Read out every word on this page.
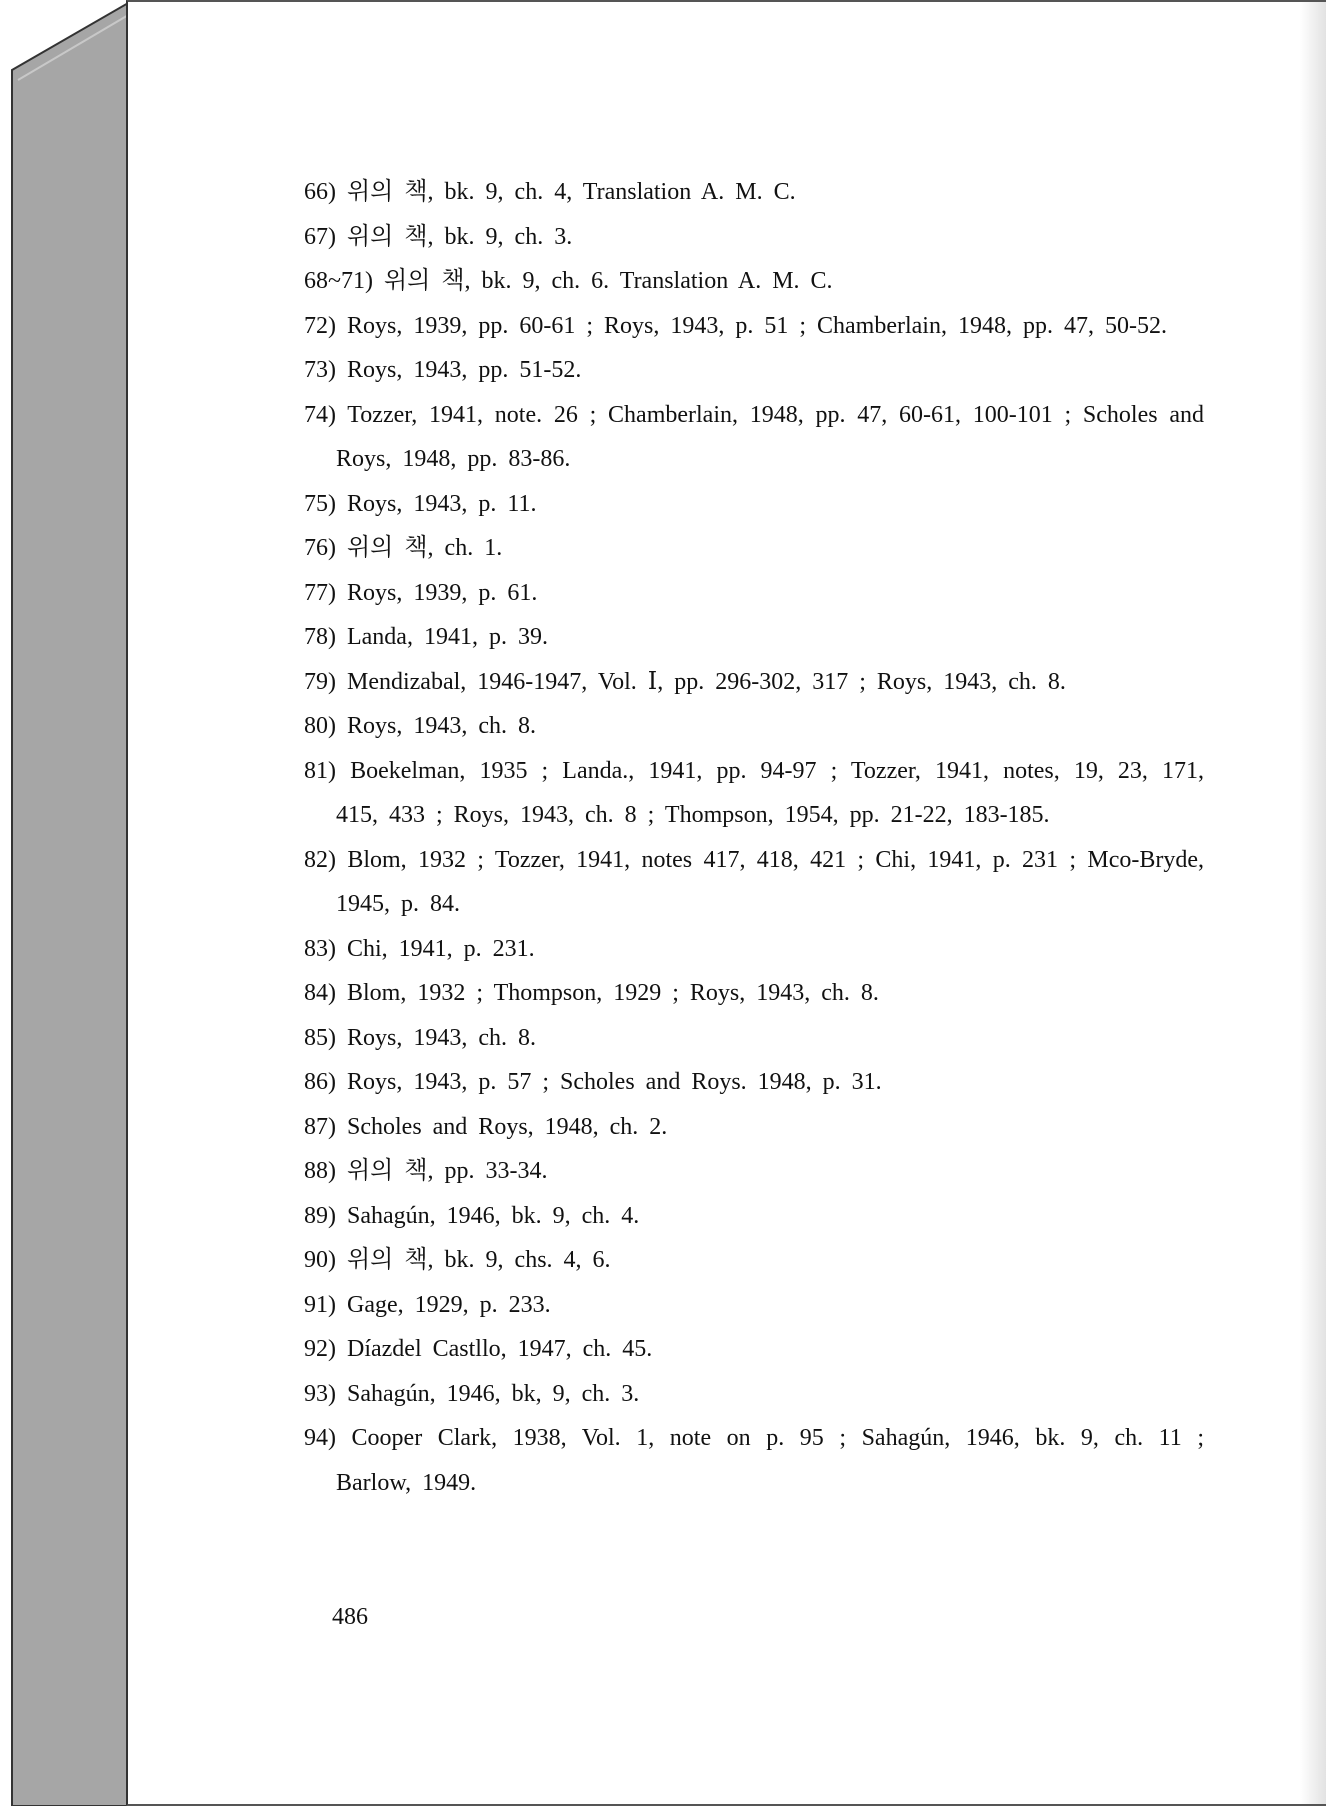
66) 위의 책, bk. 9, ch. 4, Translation A. M. C.
67) 위의 책, bk. 9, ch. 3.
68~71) 위의 책, bk. 9, ch. 6. Translation A. M. C.
72) Roys, 1939, pp. 60-61 ; Roys, 1943, p. 51 ; Chamberlain, 1948, pp. 47, 50-52.
73) Roys, 1943, pp. 51-52.
74) Tozzer, 1941, note. 26 ; Chamberlain, 1948, pp. 47, 60-61, 100-101 ; Scholes and Roys, 1948, pp. 83-86.
75) Roys, 1943, p. 11.
76) 위의 책, ch. 1.
77) Roys, 1939, p. 61.
78) Landa, 1941, p. 39.
79) Mendizabal, 1946-1947, Vol. Ⅰ, pp. 296-302, 317 ; Roys, 1943, ch. 8.
80) Roys, 1943, ch. 8.
81) Boekelman, 1935 ; Landa., 1941, pp. 94-97 ; Tozzer, 1941, notes, 19, 23, 171, 415, 433 ; Roys, 1943, ch. 8 ; Thompson, 1954, pp. 21-22, 183-185.
82) Blom, 1932 ; Tozzer, 1941, notes 417, 418, 421 ; Chi, 1941, p. 231 ; Mco-Bryde, 1945, p. 84.
83) Chi, 1941, p. 231.
84) Blom, 1932 ; Thompson, 1929 ; Roys, 1943, ch. 8.
85) Roys, 1943, ch. 8.
86) Roys, 1943, p. 57 ; Scholes and Roys. 1948, p. 31.
87) Scholes and Roys, 1948, ch. 2.
88) 위의 책, pp. 33-34.
89) Sahagún, 1946, bk. 9, ch. 4.
90) 위의 책, bk. 9, chs. 4, 6.
91) Gage, 1929, p. 233.
92) Díazdel Castllo, 1947, ch. 45.
93) Sahagún, 1946, bk, 9, ch. 3.
94) Cooper Clark, 1938, Vol. 1, note on p. 95 ; Sahagún, 1946, bk. 9, ch. 11 ; Barlow, 1949.
486
